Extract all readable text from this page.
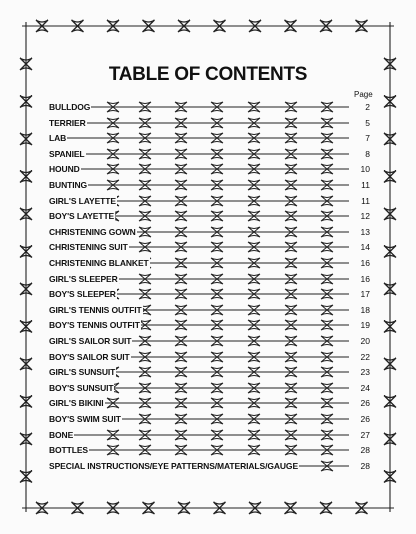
TABLE OF CONTENTS
Page
BULLDOG	2
TERRIER	5
LAB	7
SPANIEL	8
HOUND	10
BUNTING	11
GIRL'S LAYETTE	11
BOY'S LAYETTE	12
CHRISTENING GOWN	13
CHRISTENING SUIT	14
CHRISTENING BLANKET	16
GIRL'S SLEEPER	16
BOY'S SLEEPER	17
GIRL'S TENNIS OUTFIT	18
BOY'S TENNIS OUTFIT	19
GIRL'S SAILOR SUIT	20
BOY'S SAILOR SUIT	22
GIRL'S SUNSUIT	23
BOY'S SUNSUIT	24
GIRL'S BIKINI	26
BOY'S SWIM SUIT	26
BONE	27
BOTTLES	28
SPECIAL INSTRUCTIONS/EYE PATTERNS/MATERIALS/GAUGE	28
